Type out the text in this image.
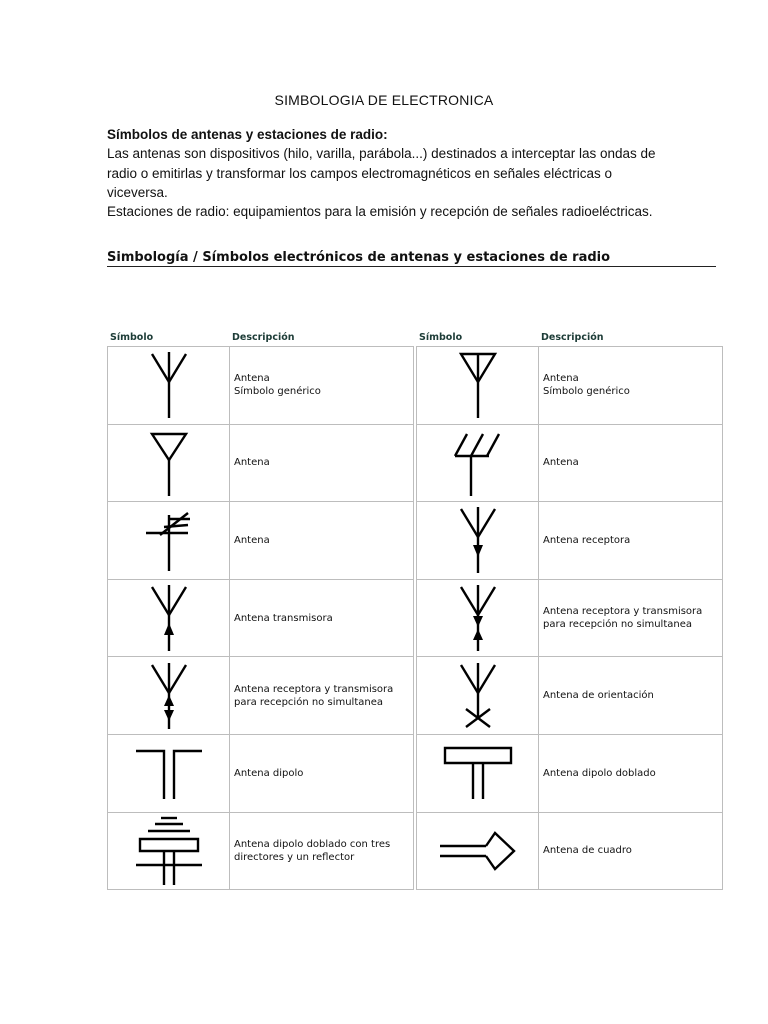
SIMBOLOGIA DE ELECTRONICA
Símbolos de antenas y estaciones de radio:

Las antenas son dispositivos (hilo, varilla, parábola...) destinados a interceptar las ondas de radio o emitirlas y transformar los campos electromagnéticos en señales eléctricas o viceversa.

Estaciones de radio: equipamientos para la emisión y recepción de señales radioeléctricas.

Simbología / Símbolos electrónicos de antenas y estaciones de radio
Símbolo	Descripción
	Antena
Símbolo genérico

	Antena

	Antena

	Antena transmisora

	Antena receptora y transmisora
para recepción no simultanea

	Antena dipolo

	Antena dipolo doblado con tres
directores y un reflector
Símbolo	Descripción
	Antena
Símbolo genérico

	Antena

	Antena receptora

	Antena receptora y transmisora
para recepción no simultanea

	Antena de orientación

	Antena dipolo doblado

	Antena de cuadro
